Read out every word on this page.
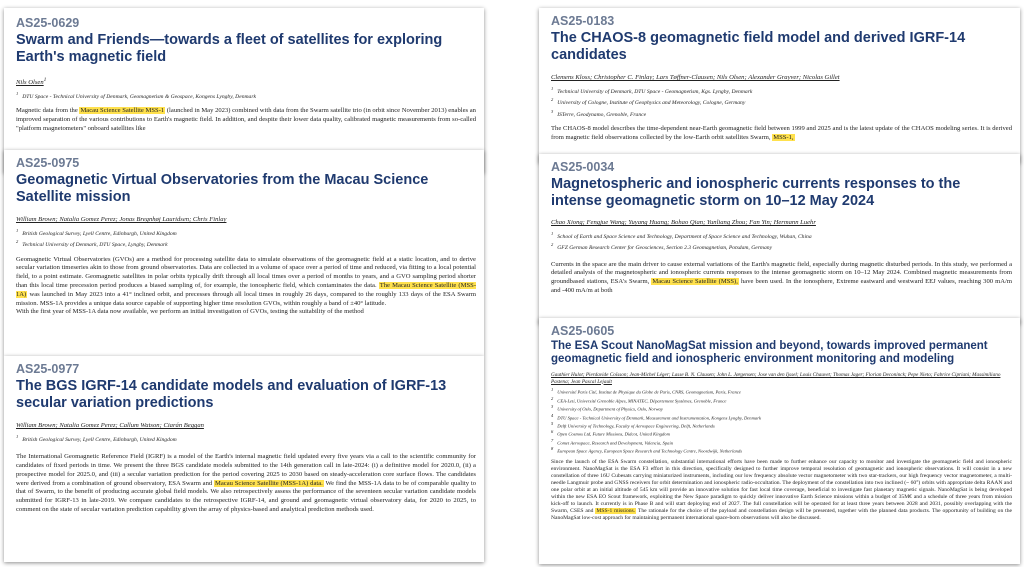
AS25-0629
Swarm and Friends—towards a fleet of satellites for exploring Earth's magnetic field

Nils Olsen$^1$

$^1$DTU Space - Technical University of Denmark, Geomagnetism & Geospace, Kongens Lyngby, Denmark

Magnetic data from the Macau Science Satellite MSS-1 (launched in May 2023) combined with data from the Swarm satellite trio (in orbit since November 2013) enables an improved separation of the various contributions to Earth's magnetic field. In addition, and despite their lower data quality, calibrated magnetic measurements from so-called "platform magnetometers" onboard satellites like

AS25-0975
Geomagnetic Virtual Observatories from the Macau Science Satellite mission

William Brown; Natalia Gomez Perez; Jonas Bregnhøj Lauridsen; Chris Finlay

$^1$British Geological Survey, Lyell Centre, Edinburgh, United Kingdom

$^2$Technical University of Denmark, DTU Space, Lyngby, Denmark

Geomagnetic Virtual Observatories (GVOs) are a method for processing satellite data to simulate observations of the geomagnetic field at a static location, and to derive secular variation timeseries akin to those from ground observatories. Data are collected in a volume of space over a period of time and reduced, via fitting to a local potential field, to a point estimate. Geomagnetic satellites in polar orbits typically drift through all local times over a period of months to years, and a GVO sampling period shorter than this local time precession period produces a biased sampling of, for example, the ionospheric field, which contaminates the data. The Macau Science Satellite (MSS-1A) was launched in May 2023 into a 41° inclined orbit, and precesses through all local times in roughly 26 days, compared to the roughly 133 days of the ESA Swarm mission. MSS-1A provides a unique data source capable of supporting higher time resolution GVOs, within roughly a band of ±40° latitude.

With the first year of MSS-1A data now available, we perform an initial investigation of GVOs, testing the suitability of the method

AS25-0977
The BGS IGRF-14 candidate models and evaluation of IGRF-13 secular variation predictions

William Brown; Natalia Gomez Perez; Callum Watson; Ciarán Beggan

$^1$British Geological Survey, Lyell Centre, Edinburgh, United Kingdom

The International Geomagnetic Reference Field (IGRF) is a model of the Earth's internal magnetic field updated every five years via a call to the scientific community for candidates of fixed periods in time. We present the three BGS candidate models submitted to the 14th generation call in late-2024: (i) a definitive model for 2020.0, (ii) a prospective model for 2025.0, and (iii) a secular variation prediction for the period covering 2025 to 2030 based on steady-acceleration core surface flows. The candidates were derived from a combination of ground observatory, ESA Swarm and Macau Science Satellite (MSS-1A) data. We find the MSS-1A data to be of comparable quality to that of Swarm, to the benefit of producing accurate global field models. We also retrospectively assess the performance of the seventeen secular variation candidate models submitted for IGRF-13 in late-2019. We compare candidates to the retrospective IGRF-14, and ground and geomagnetic virtual observatory data, for 2020 to 2025, to comment on the state of secular variation prediction capability given the array of physics-based and analytical prediction methods used.

AS25-0183
The CHAOS-8 geomagnetic field model and derived IGRF-14 candidates

Clemens Kloss; Christopher C. Finlay; Lars Tøffner-Clausen; Nils Olsen; Alexander Grayver; Nicolas Gillet

$^1$Technical University of Denmark, DTU Space - Geomagnetism, Kgs. Lyngby, Denmark

$^2$University of Cologne, Institute of Geophysics and Meteorology, Cologne, Germany

$^3$ISTerre, Geodynamo, Grenoble, France

The CHAOS-8 model describes the time-dependent near-Earth geomagnetic field between 1999 and 2025 and is the latest update of the CHAOS modeling series. It is derived from magnetic field observations collected by the low-Earth orbit satellites Swarm, MSS-1,

AS25-0034
Magnetospheric and ionospheric currents responses to the intense geomagnetic storm on 10–12 May 2024

Chao Xiong; Fengjue Wang; Yuyang Huang; Bohao Qian; Yunliang Zhou; Fan Yin; Hermann Luehr

$^1$School of Earth and Space Science and Technology, Department of Space Science and Technology, Wuhan, China

$^2$GFZ German Research Center for Geosciences, Section 2.3 Geomagnetism, Potsdam, Germany

Currents in the space are the main driver to cause external variations of the Earth's magnetic field, especially during magnetic disturbed periods. In this study, we performed a detailed analysis of the magnetospheric and ionospheric currents responses to the intense geomagnetic storm on 10–12 May 2024. Combined magnetic measurements from groundbased stations, ESA's Swarm, Macau Science Satellite (MSS), have been used. In the ionosphere, Extreme eastward and westward EEJ values, reaching 300 mA/m and -400 mA/m at both

AS25-0605
The ESA Scout NanoMagSat mission and beyond, towards improved permanent geomagnetic field and ionospheric environment monitoring and modeling

Gauthier Hulot; Pierdavide Coïsson; Jean-Michel Léger; Lasse B. N. Clausen; John L. Jørgensen; Jose van den Ijssel; Louis Chauvet; Thomas Jager; Florian Deconinck; Pepe Nieto; Fabrice Cipriani; Massimiliano Pastena; Jean Pascal Lejault

$^1$Université Paris Cité, Institut de Physique du Globe de Paris, CNRS, Geomagnetism, Paris, France

$^2$CEA-Leti, Université Grenoble Alpes, MINATEC, Département Systèmes, Grenoble, France

$^3$University of Oslo, Department of Physics, Oslo, Norway

$^4$DTU Space - Technical University of Denmark, Measurement and Instrumentation, Kongens Lyngby, Denmark

$^5$Delft University of Technology, Faculty of Aerospace Engineering, Delft, Netherlands

$^6$Open Cosmos Ltd, Future Missions, Didcot, United Kingdom

$^7$Comet Aerospace, Research and Development, Valencia, Spain

$^8$European Space Agency, European Space Research and Technology Centre, Noordwijk, Netherlands

Since the launch of the ESA Swarm constellation, substantial international efforts have been made to further enhance our capacity to monitor and investigate the geomagnetic field and ionospheric environment. NanoMagSat is the ESA F3 effort in this direction, specifically designed to further improve temporal resolution of geomagnetic and ionospheric observations. It will consist in a new constellation of three 16U Cubesats carrying miniaturized instruments, including our low frequency absolute vector magnetometer with two star-trackers, our high frequency vector magnetometer, a multi-needle Langmuir probe and GNSS receivers for orbit determination and ionospheric radio-occultation. The deployment of the constellation into two inclined (~ 60°) orbits with appropriate delta RAAN and one polar orbit at an initial altitude of 545 km will provide an innovative solution for fast local time coverage, beneficial to investigate fast planetary magnetic signals. NanoMagSat is being developed within the new ESA EO Scout framework, exploiting the New Space paradigm to quickly deliver innovative Earth Science missions within a budget of 35M€ and a schedule of three years from mission kick-off to launch. It currently is in Phase B and will start deploying end of 2027. The full constellation will be operated for at least three years between 2028 and 2031, possibly overlapping with the Swarm, CSES and MSS-1 missions. The rationale for the choice of the payload and constellation design will be presented, together with the planned data products. The opportunity of building on the NanoMagSat low-cost approach for maintaining permanent international space-born observations will also be discussed.
